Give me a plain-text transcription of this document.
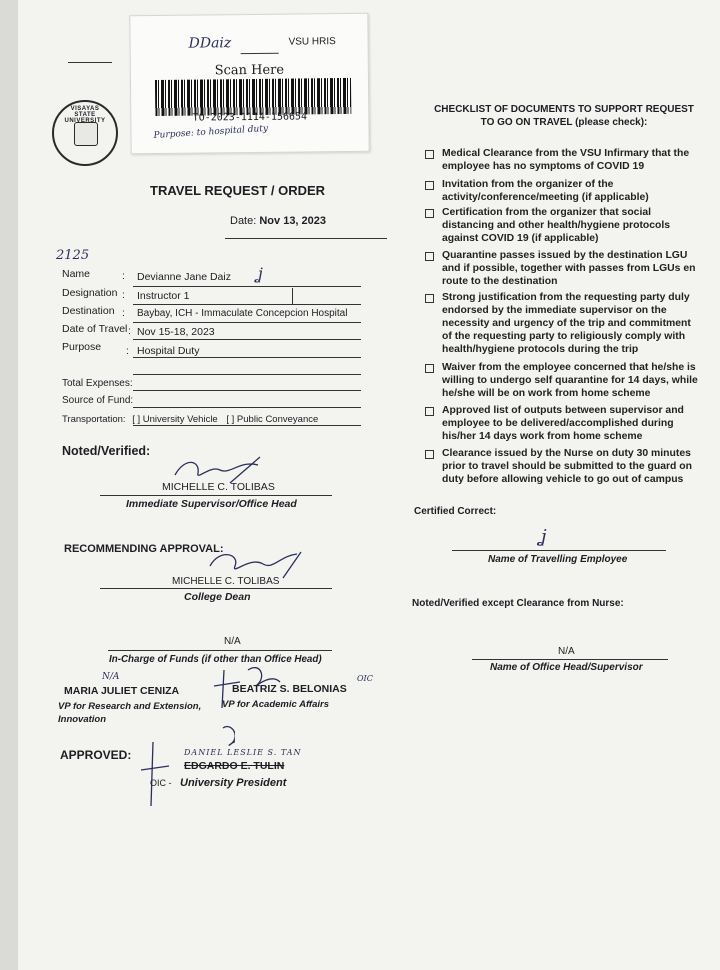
DDaiz	VSU HRIS
Scan Here
TO-2023-1114-156654
Purpose: to hospital duty
VISAYAS STATE UNIVERSITY
TRAVEL REQUEST / ORDER
Date: Nov 13, 2023
2125
Name	: Devianne Jane Daiz ʝ
Designation : Instructor 1
Destination : Baybay, ICH - Immaculate Concepcion Hospital
Date of Travel : Nov 15-18, 2023
Purpose : Hospital Duty
Total Expenses:
Source of Fund:
Transportation: [ ] University Vehicle [ ] Public Conveyance
Noted/Verified:
MICHELLE C. TOLIBAS
Immediate Supervisor/Office Head
RECOMMENDING APPROVAL:
MICHELLE C. TOLIBAS
College Dean
N/A
In-Charge of Funds (if other than Office Head)
N/A
MARIA JULIET CENIZA
VP for Research and Extension, Innovation
BEATRIZ S. BELONIAS
OIC
VP for Academic Affairs
APPROVED:	DANIEL LESLIE S. TAN
EDGARDO E. TULIN
OIC - University President
CHECKLIST OF DOCUMENTS TO SUPPORT REQUEST
TO GO ON TRAVEL (please check):
Medical Clearance from the VSU Infirmary that the employee has no symptoms of COVID 19
Invitation from the organizer of the activity/conference/meeting (if applicable)
Certification from the organizer that social distancing and other health/hygiene protocols against COVID 19 (if applicable)
Quarantine passes issued by the destination LGU and if possible, together with passes from LGUs en route to the destination
Strong justification from the requesting party duly endorsed by the immediate supervisor on the necessity and urgency of the trip and commitment of the requesting party to religiously comply with health/hygiene protocols during the trip
Waiver from the employee concerned that he/she is willing to undergo self quarantine for 14 days, while he/she will be on work from home scheme
Approved list of outputs between supervisor and employee to be delivered/accomplished during his/her 14 days work from home scheme
Clearance issued by the Nurse on duty 30 minutes prior to travel should be submitted to the guard on duty before allowing vehicle to go out of campus
Certified Correct:
ʝ
Name of Travelling Employee
Noted/Verified except Clearance from Nurse:
N/A
Name of Office Head/Supervisor
